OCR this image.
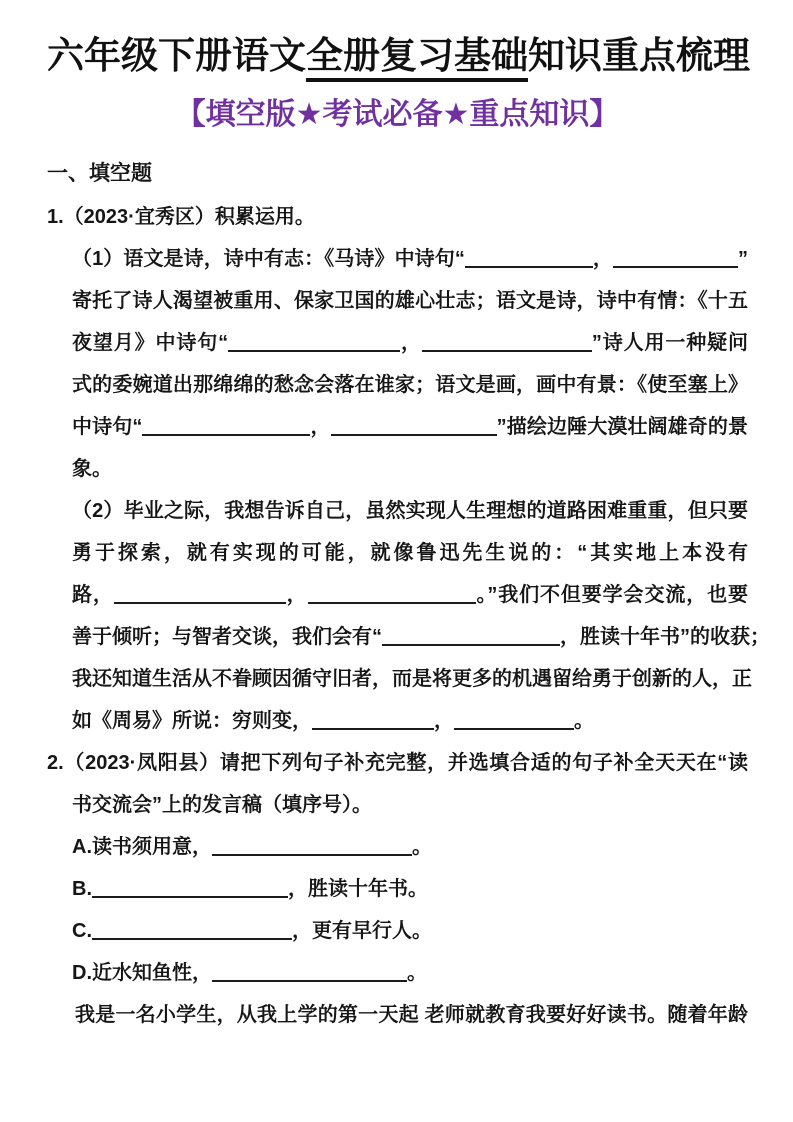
六年级下册语文全册复习基础知识重点梳理
【填空版★考试必备★重点知识】
一、填空题
1.（2023·宜秀区）积累运用。
（1）语文是诗，诗中有志：《马诗》中诗句“	，	”
寄托了诗人渴望被重用、保家卫国的雄心壮志；语文是诗，诗中有情：《十五
夜望月》中诗句“	，	”诗人用一种疑问
式的委婉道出那绵绵的愁念会落在谁家；语文是画，画中有景：《使至塞上》
中诗句“	，	”描绘边陲大漠壮阔雄奇的景
象。
（2）毕业之际，我想告诉自己，虽然实现人生理想的道路困难重重，但只要
勇于探索，就有实现的可能，就像鲁迅先生说的：“其实地上本没有
路，	，	。”我们不但要学会交流，也要
善于倾听；与智者交谈，我们会有“	，胜读十年书”的收获；
我还知道生活从不眷顾因循守旧者，而是将更多的机遇留给勇于创新的人，正
如《周易》所说：穷则变，	，	。
2.（2023·凤阳县）请把下列句子补充完整，并选填合适的句子补全天天在“读
书交流会”上的发言稿（填序号）。
A.读书须用意，	。
B.	，胜读十年书。
C.	，更有早行人。
D.近水知鱼性，	。
我是一名小学生，从我上学的第一天起 老师就教育我要好好读书。随着年龄
